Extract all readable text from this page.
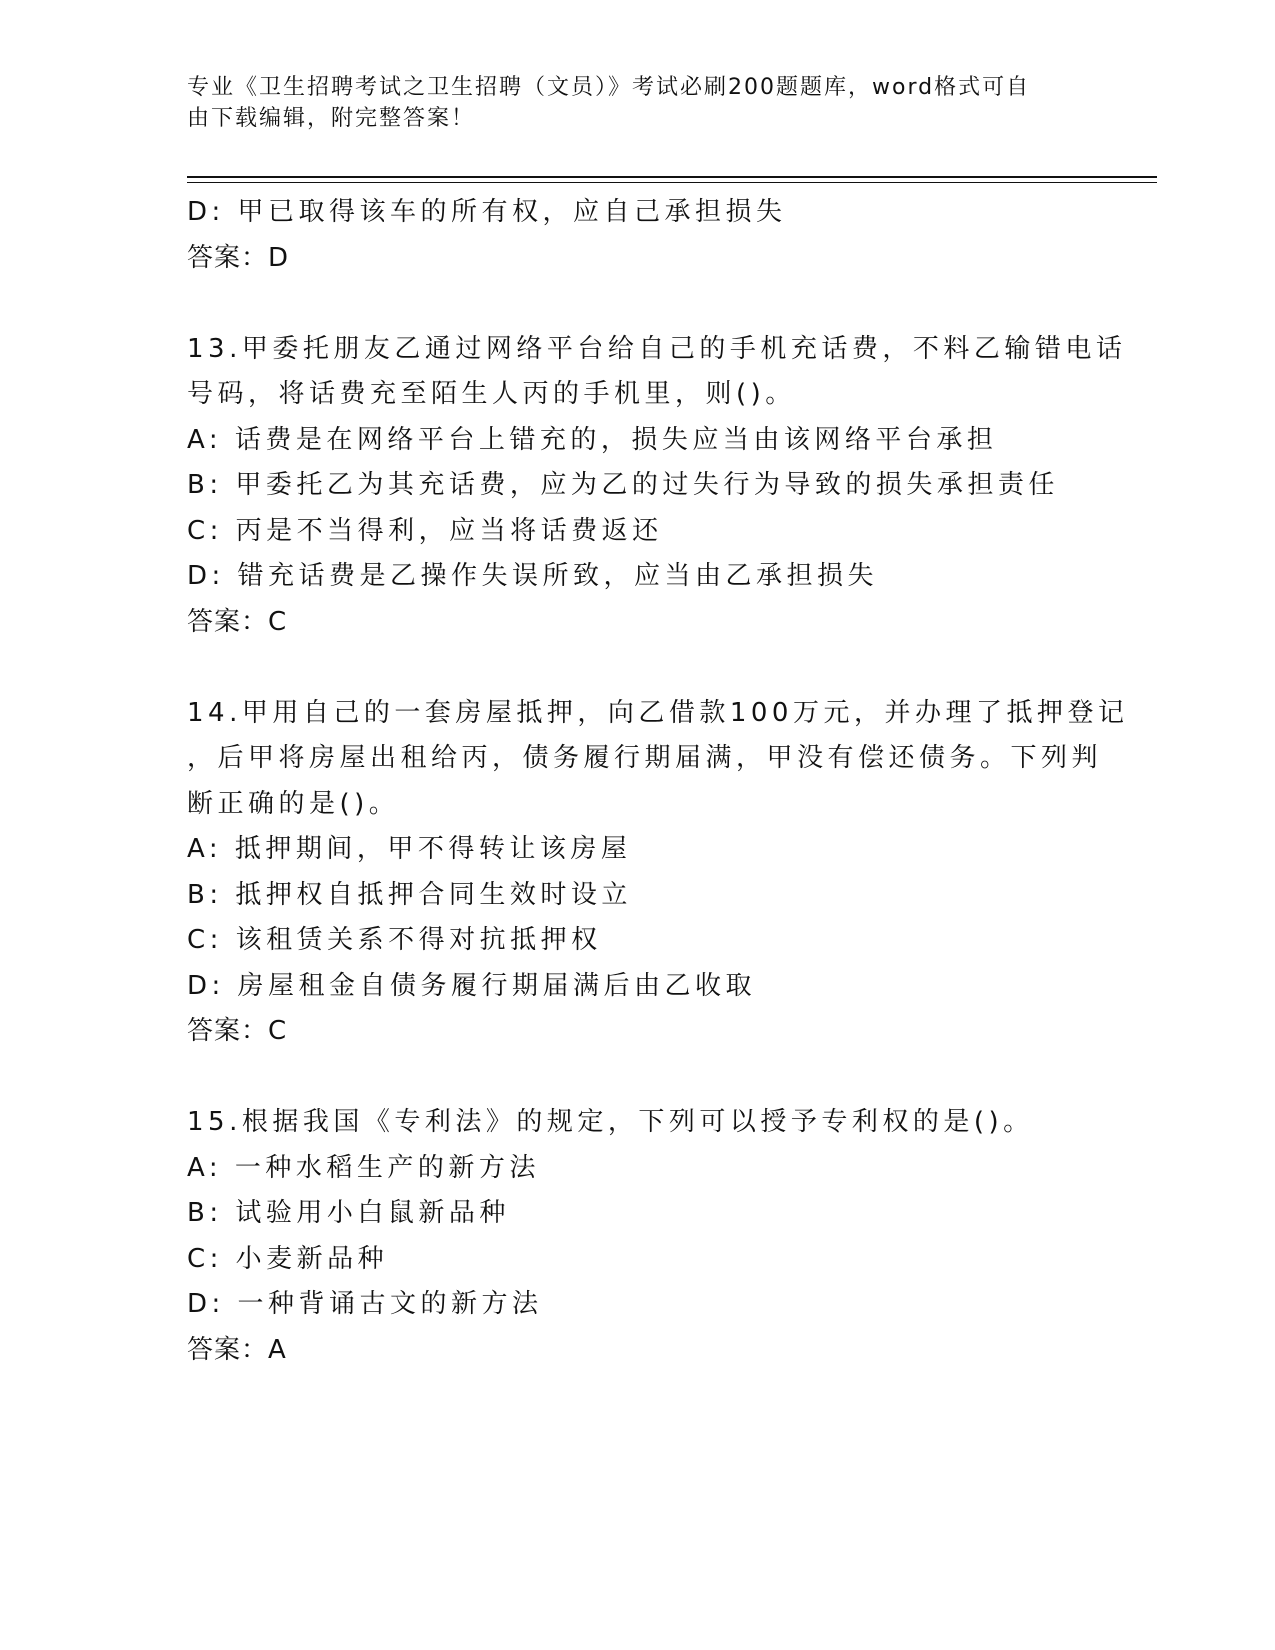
专业《卫生招聘考试之卫生招聘（文员）》考试必刷200题题库，word格式可自
由下载编辑，附完整答案！
D: 甲已取得该车的所有权，应自己承担损失
答案：D
13.甲委托朋友乙通过网络平台给自己的手机充话费，不料乙输错电话
号码，将话费充至陌生人丙的手机里，则()。
A: 话费是在网络平台上错充的，损失应当由该网络平台承担
B: 甲委托乙为其充话费，应为乙的过失行为导致的损失承担责任
C: 丙是不当得利，应当将话费返还
D: 错充话费是乙操作失误所致，应当由乙承担损失
答案：C
14.甲用自己的一套房屋抵押，向乙借款100万元，并办理了抵押登记
，后甲将房屋出租给丙，债务履行期届满，甲没有偿还债务。下列判
断正确的是()。
A: 抵押期间，甲不得转让该房屋
B: 抵押权自抵押合同生效时设立
C: 该租赁关系不得对抗抵押权
D: 房屋租金自债务履行期届满后由乙收取
答案：C
15.根据我国《专利法》的规定，下列可以授予专利权的是()。
A: 一种水稻生产的新方法
B: 试验用小白鼠新品种
C: 小麦新品种
D: 一种背诵古文的新方法
答案：A
